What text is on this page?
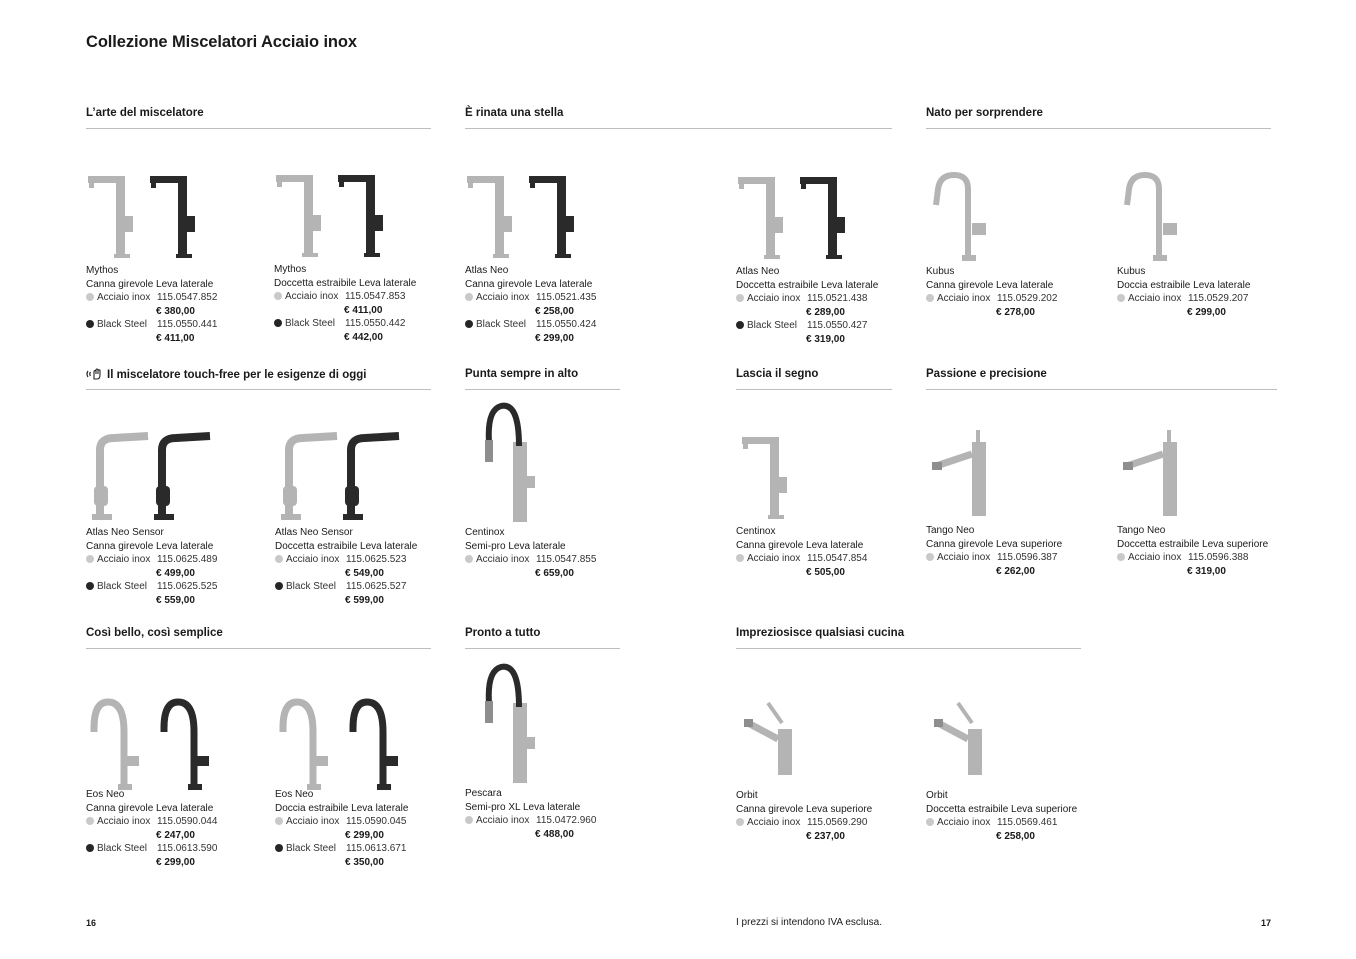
Collezione Miscelatori Acciaio inox
L’arte del miscelatore	È rinata una stella	Nato per sorprendere
Il miscelatore touch-free per le esigenze di oggi	Punta sempre in alto	Lascia il segno	Passione e precisione
Così bello, così semplice	Pronto a tutto	Impreziosisce qualsiasi cucina
Mythos
Canna girevole Leva laterale
Acciaio inox 115.0547.852
€ 380,00
Black Steel 115.0550.441
€ 411,00
Mythos
Doccetta estraibile Leva laterale
Acciaio inox 115.0547.853
€ 411,00
Black Steel 115.0550.442
€ 442,00
Atlas Neo
Canna girevole Leva laterale
Acciaio inox 115.0521.435
€ 258,00
Black Steel 115.0550.424
€ 299,00
Atlas Neo
Doccetta estraibile Leva laterale
Acciaio inox 115.0521.438
€ 289,00
Black Steel 115.0550.427
€ 319,00
Kubus
Canna girevole Leva laterale
Acciaio inox 115.0529.202
€ 278,00
Kubus
Doccia estraibile Leva laterale
Acciaio inox 115.0529.207
€ 299,00
Atlas Neo Sensor
Canna girevole Leva laterale
Acciaio inox 115.0625.489
€ 499,00
Black Steel 115.0625.525
€ 559,00
Atlas Neo Sensor
Doccetta estraibile Leva laterale
Acciaio inox 115.0625.523
€ 549,00
Black Steel 115.0625.527
€ 599,00
Centinox
Semi-pro Leva laterale
Acciaio inox 115.0547.855
€ 659,00
Centinox
Canna girevole Leva laterale
Acciaio inox 115.0547.854
€ 505,00
Tango Neo
Canna girevole Leva superiore
Acciaio inox 115.0596.387
€ 262,00
Tango Neo
Doccetta estraibile Leva superiore
Acciaio inox 115.0596.388
€ 319,00
Eos Neo
Canna girevole Leva laterale
Acciaio inox 115.0590.044
€ 247,00
Black Steel 115.0613.590
€ 299,00
Eos Neo
Doccia estraibile Leva laterale
Acciaio inox 115.0590.045
€ 299,00
Black Steel 115.0613.671
€ 350,00
Pescara
Semi-pro XL Leva laterale
Acciaio inox 115.0472.960
€ 488,00
Orbit
Canna girevole Leva superiore
Acciaio inox 115.0569.290
€ 237,00
Orbit
Doccetta estraibile Leva superiore
Acciaio inox 115.0569.461
€ 258,00
16	I prezzi si intendono IVA esclusa.	17
